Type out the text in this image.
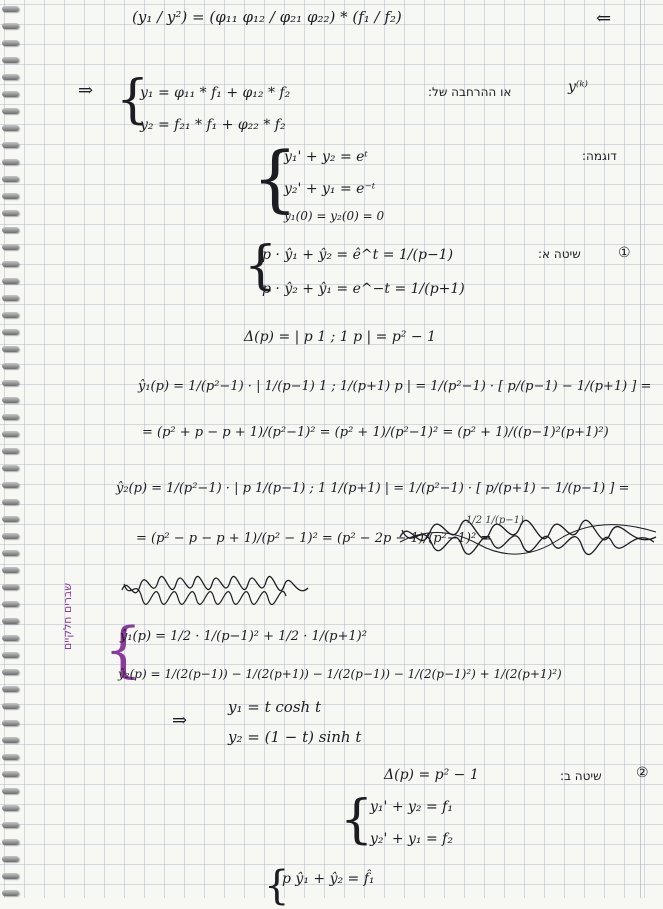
(y₁ / y²) = (φ₁₁ φ₁₂ / φ₂₁ φ₂₂) * (f₁ / f₂)	⇐
⇒ {
y₁ = φ₁₁ * f₁ + φ₁₂ * f₂
y₂ = f₂₁ * f₁ + φ₂₂ * f₂
:או ההרחבה של	y⁽ᵏ⁾
{
y₁' + y₂ = eᵗ
y₂' + y₁ = e⁻ᵗ
y₁(0) = y₂(0) = 0
:דוגמה
{
p · ŷ₁ + ŷ₂ = ê^t = 1/(p−1)
p · ŷ₂ + ŷ₁ = e^−t = 1/(p+1)
:שיטה א	①
Δ(p) = | p 1 ; 1 p | = p² − 1
ŷ₁(p) = 1/(p²−1) · | 1/(p−1) 1 ; 1/(p+1) p | = 1/(p²−1) · [ p/(p−1) − 1/(p+1) ] =
= (p² + p − p + 1)/(p²−1)² = (p² + 1)/(p²−1)² = (p² + 1)/((p−1)²(p+1)²)
ŷ₂(p) = 1/(p²−1) · | p 1/(p−1) ; 1 1/(p+1) | = 1/(p²−1) · [ p/(p+1) − 1/(p−1) ] =
= (p² − p − p + 1)/(p² − 1)² = (p² − 2p − 1)/(p²−1)² =
1/2 1/(p−1)
שברים חלקיים {
ŷ₁(p) = 1/2 · 1/(p−1)² + 1/2 · 1/(p+1)²
ŷ₂(p) = 1/(2(p−1)) − 1/(2(p+1)) − 1/(2(p−1)) − 1/(2(p−1)²) + 1/(2(p+1)²)
⇒
y₁ = t cosh t
y₂ = (1 − t) sinh t
Δ(p) = p² − 1	:שיטה ב ②
{
y₁' + y₂ = f₁
y₂' + y₁ = f₂
{
p ŷ₁ + ŷ₂ = f̂₁
